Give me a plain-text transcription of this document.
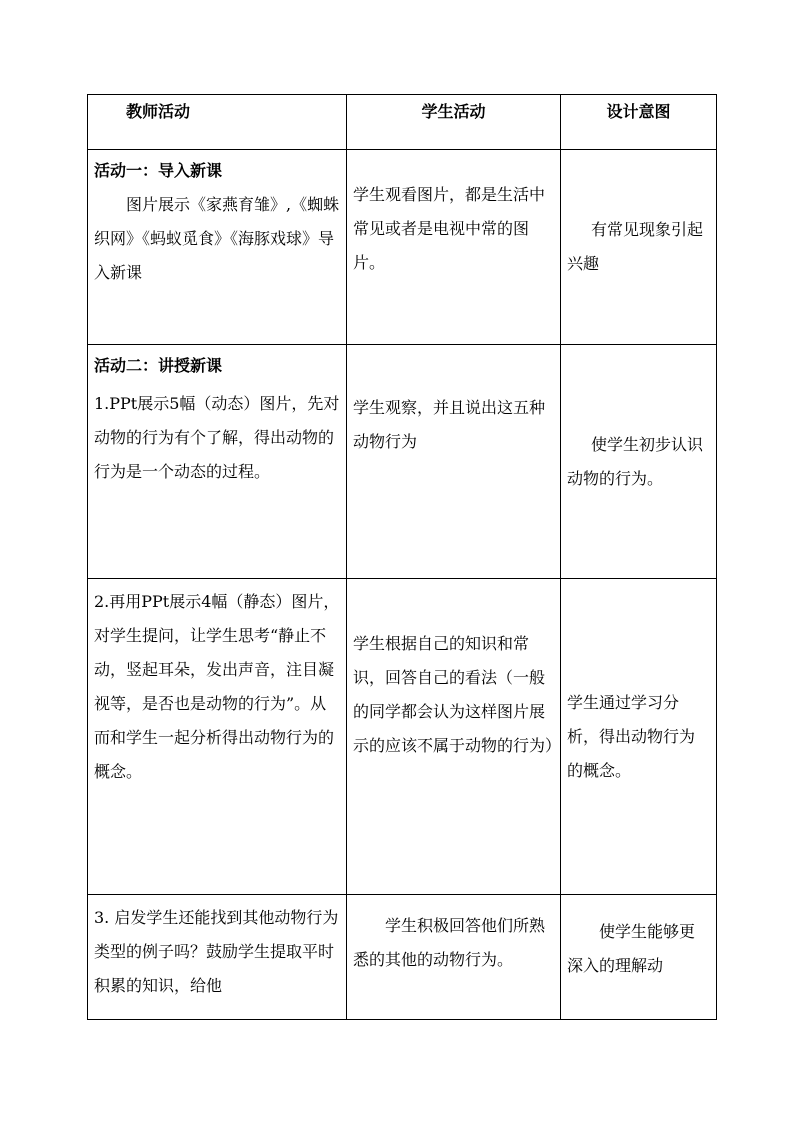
教师活动	学生活动	设计意图

活动一：导入新课

图片展示《家燕育雏》,《蜘蛛织网》《蚂蚁觅食》《海豚戏球》导入新课	学生观看图片，都是生活中常见或者是电视中常的图片。	有常见现象引起兴趣

活动二：讲授新课

1.PPt展示5幅（动态）图片，先对动物的行为有个了解，得出动物的行为是一个动态的过程。	学生观察，并且说出这五种动物行为	使学生初步认识动物的行为。

2.再用PPt展示4幅（静态）图片，对学生提问，让学生思考“静止不动，竖起耳朵，发出声音，注目凝视等，是否也是动物的行为”。从而和学生一起分析得出动物行为的概念。	学生根据自己的知识和常识，回答自己的看法（一般的同学都会认为这样图片展示的应该不属于动物的行为）	学生通过学习分析，得出动物行为的概念。

3. 启发学生还能找到其他动物行为类型的例子吗？鼓励学生提取平时积累的知识，给他	学生积极回答他们所熟悉的其他的动物行为。	使学生能够更深入的理解动
